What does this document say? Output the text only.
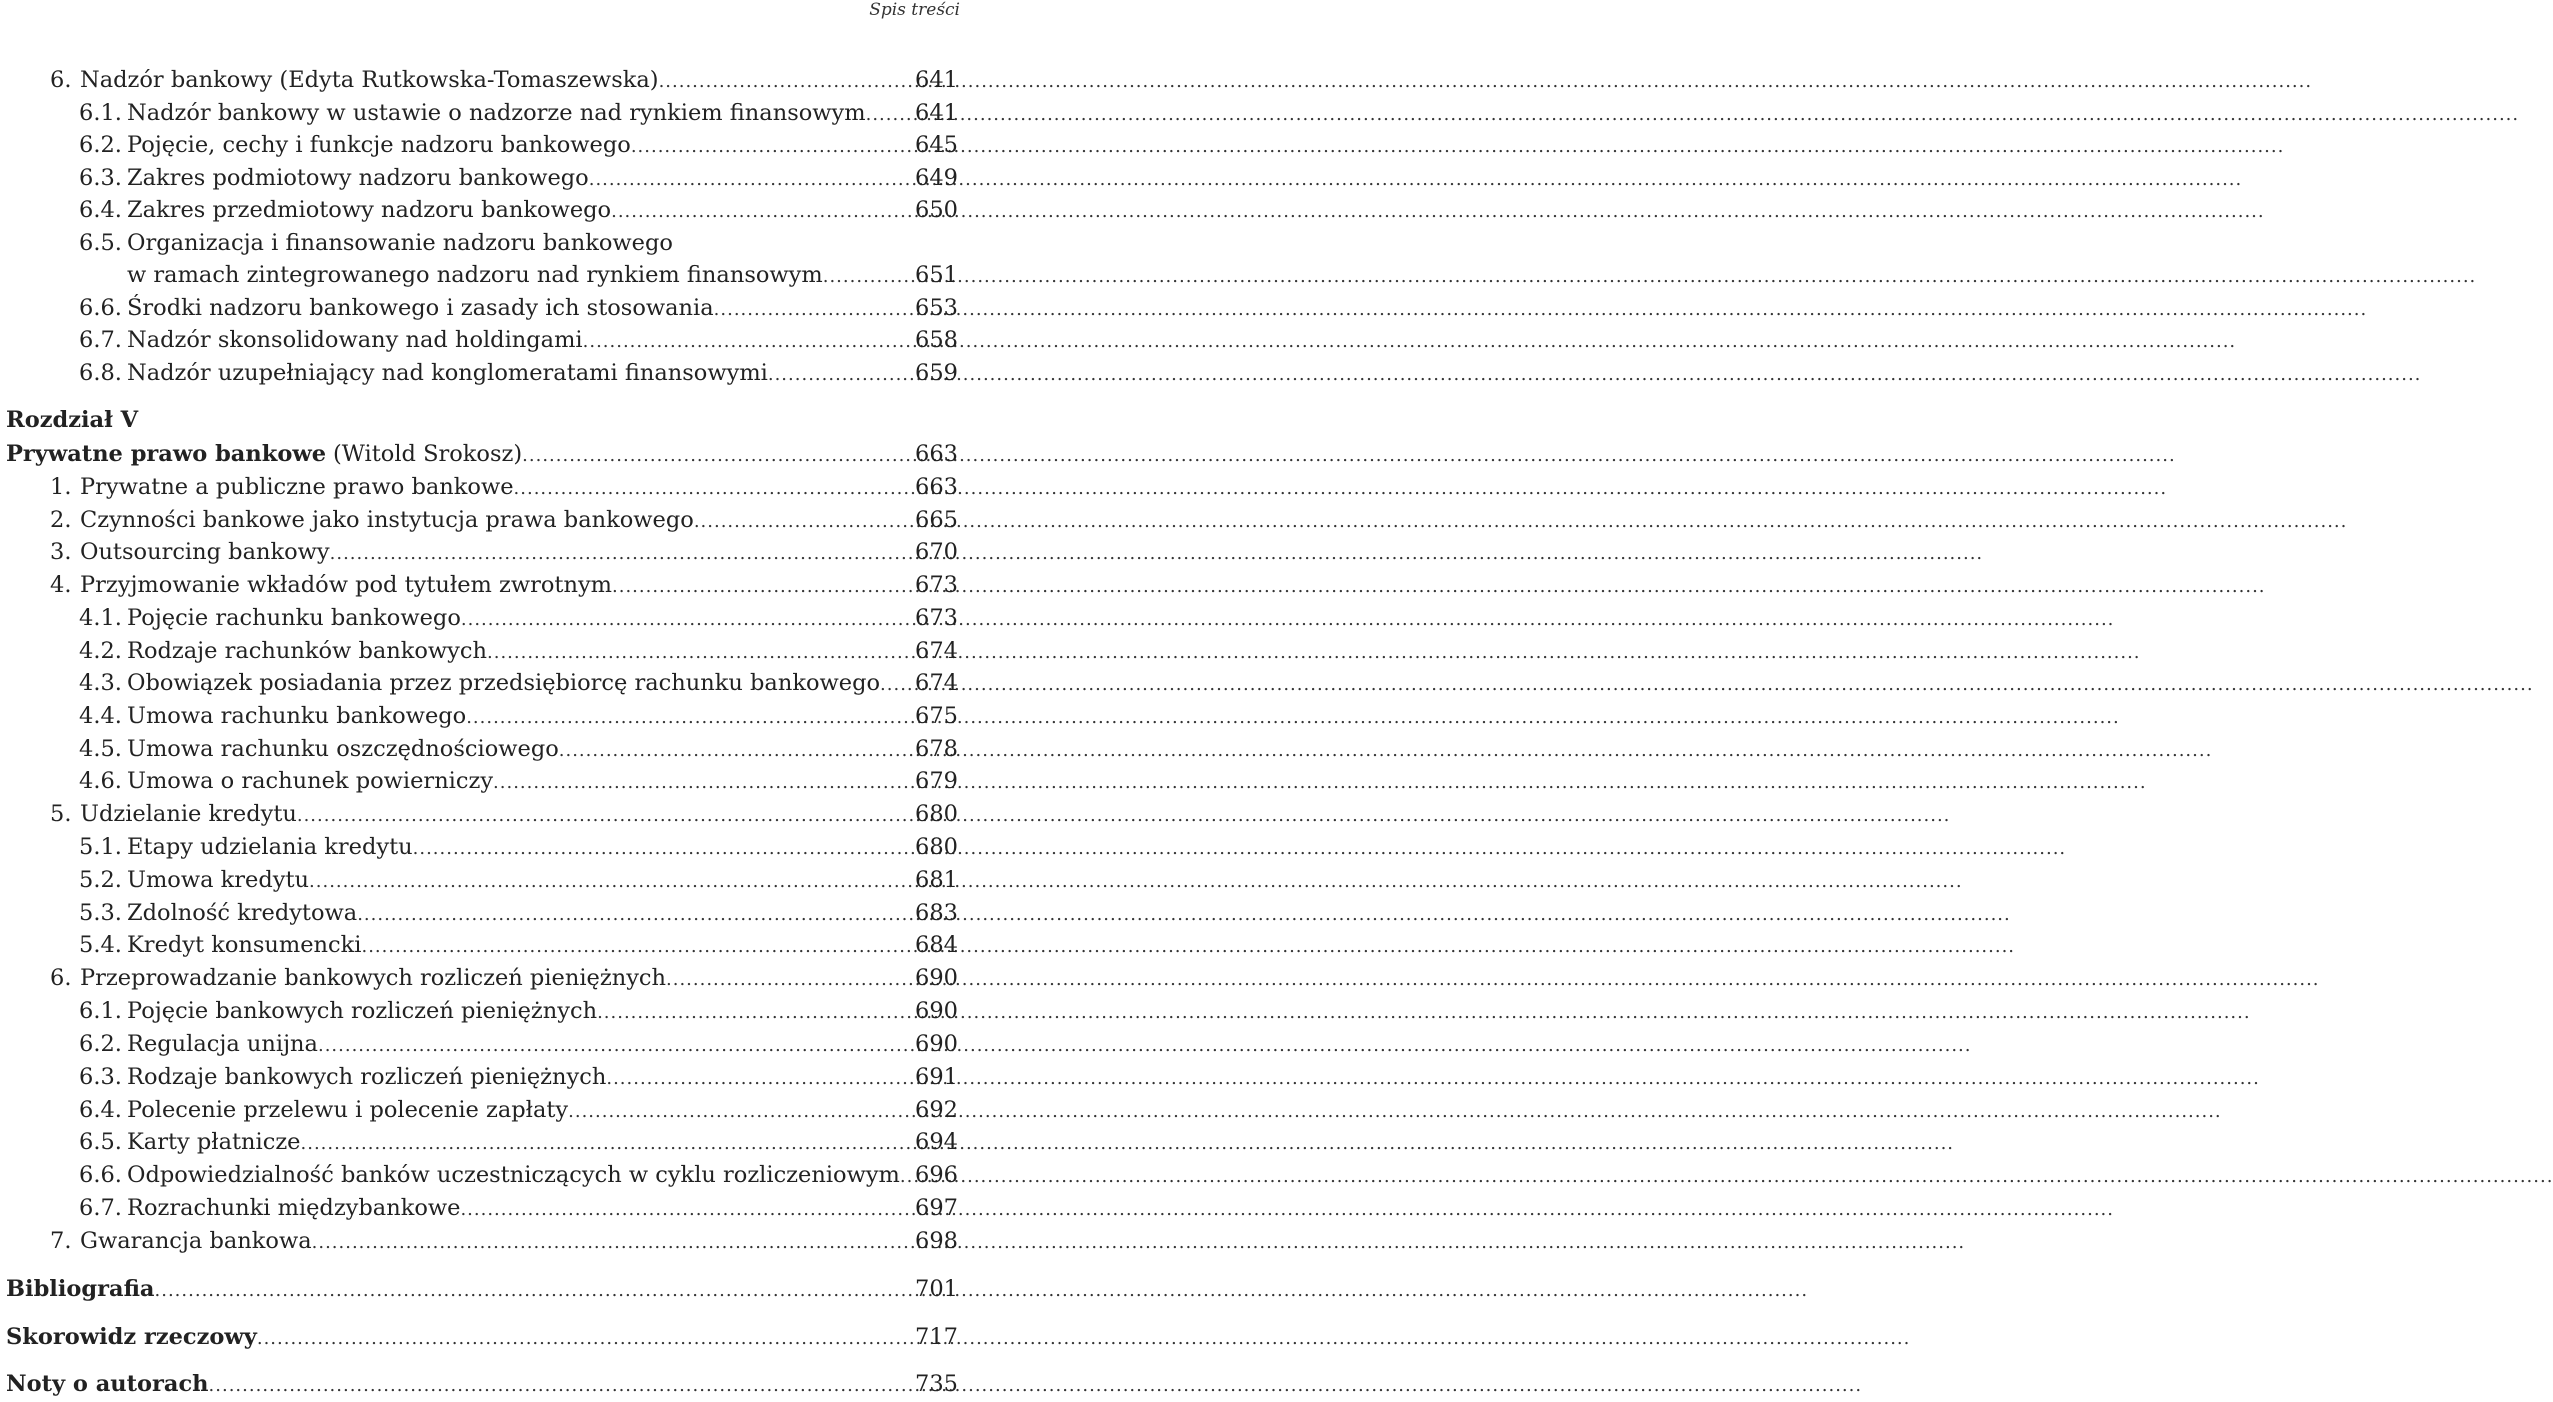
Spis treści
6. Nadzór bankowy (Edyta Rutkowska-Tomaszewska) .....	641
6.1. Nadzór bankowy w ustawie o nadzorze nad rynkiem finansowym ..... 641
6.2. Pojęcie, cechy i funkcje nadzoru bankowego .....	645
6.3. Zakres podmiotowy nadzoru bankowego .....	649
6.4. Zakres przedmiotowy nadzoru bankowego .....	650
6.5. Organizacja i finansowanie nadzoru bankowego
w ramach zintegrowanego nadzoru nad rynkiem finansowym .....	651
6.6. Środki nadzoru bankowego i zasady ich stosowania .....	653
6.7. Nadzór skonsolidowany nad holdingami .....	658
6.8. Nadzór uzupełniający nad konglomeratami finansowymi .....	659
Rozdział V
Prywatne prawo bankowe (Witold Srokosz) .....	663
1. Prywatne a publiczne prawo bankowe .....	663
2. Czynności bankowe jako instytucja prawa bankowego .....	665
3. Outsourcing bankowy .....	670
4. Przyjmowanie wkładów pod tytułem zwrotnym .....	673
4.1. Pojęcie rachunku bankowego .....	673
4.2. Rodzaje rachunków bankowych .....	674
4.3. Obowiązek posiadania przez przedsiębiorcę rachunku bankowego ..... 674
4.4. Umowa rachunku bankowego .....	675
4.5. Umowa rachunku oszczędnościowego .....	678
4.6. Umowa o rachunek powierniczy .....	679
5. Udzielanie kredytu .....	680
5.1. Etapy udzielania kredytu .....	680
5.2. Umowa kredytu .....	681
5.3. Zdolność kredytowa .....	683
5.4. Kredyt konsumencki .....	684
6. Przeprowadzanie bankowych rozliczeń pieniężnych .....	690
6.1. Pojęcie bankowych rozliczeń pieniężnych .....	690
6.2. Regulacja unijna .....	690
6.3. Rodzaje bankowych rozliczeń pieniężnych .....	691
6.4. Polecenie przelewu i polecenie zapłaty .....	692
6.5. Karty płatnicze .....	694
6.6. Odpowiedzialność banków uczestniczących w cyklu rozliczeniowym ..... 696
6.7. Rozrachunki międzybankowe .....	697
7. Gwarancja bankowa .....	698
Bibliografia .....	701
Skorowidz rzeczowy .....	717
Noty o autorach .....	735
